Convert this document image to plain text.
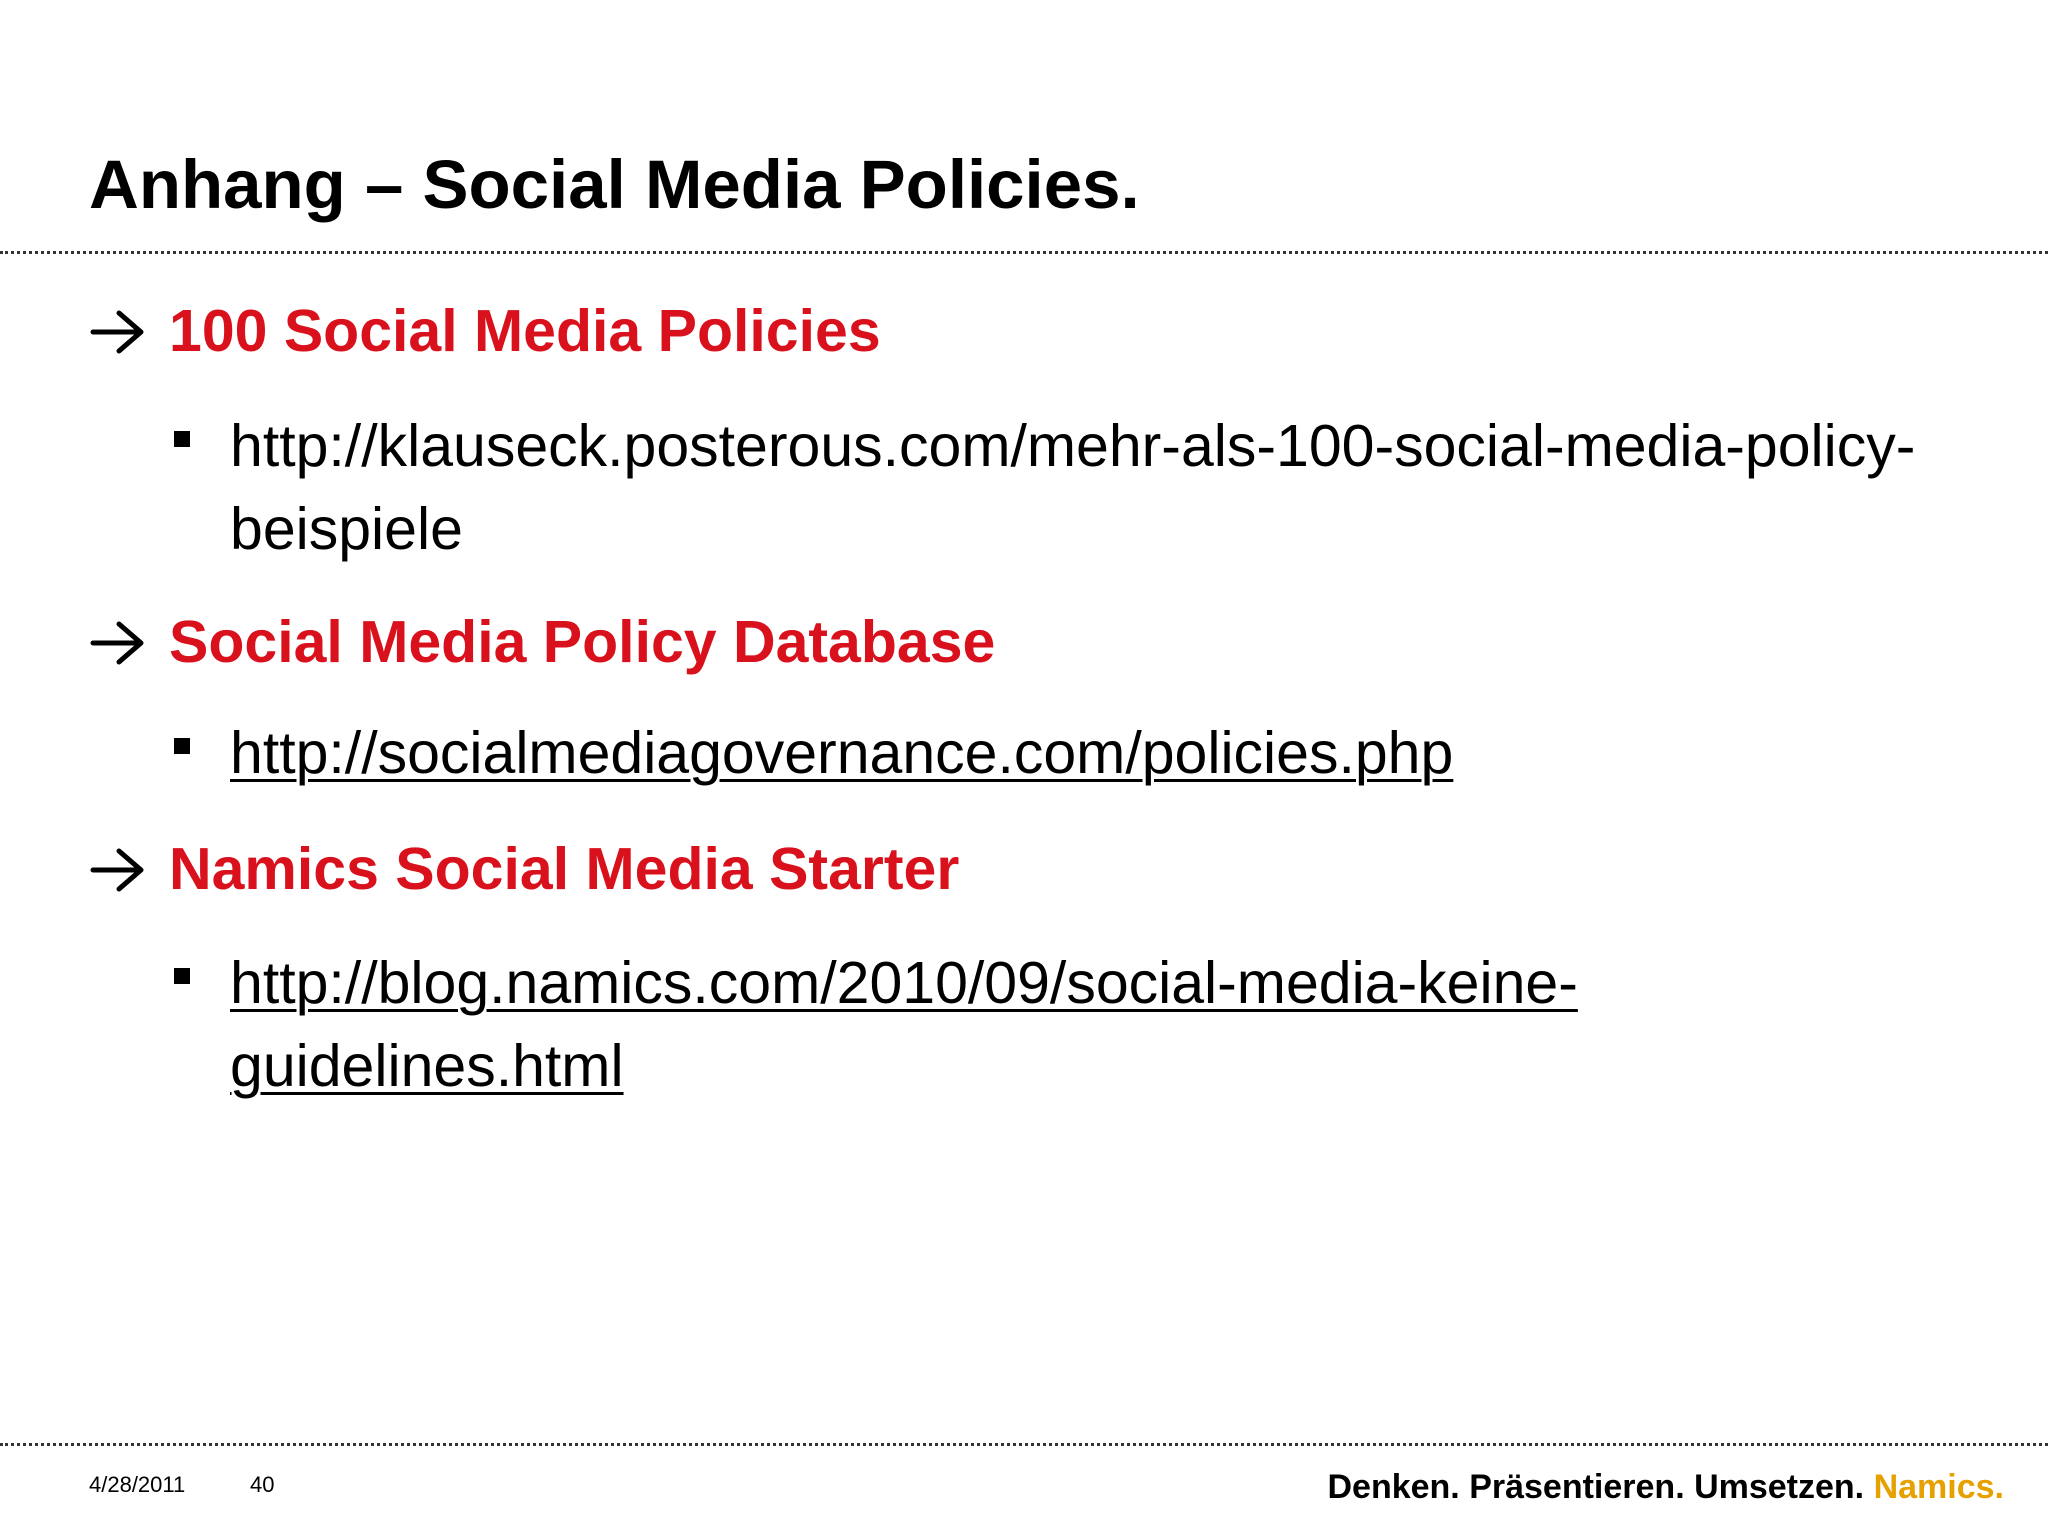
Anhang – Social Media Policies.
100 Social Media Policies
http://klauseck.posterous.com/mehr-als-100-social-media-policy-beispiele
Social Media Policy Database
http://socialmediagovernance.com/policies.php
Namics Social Media Starter
http://blog.namics.com/2010/09/social-media-keine-guidelines.html
4/28/2011	40	Denken. Präsentieren. Umsetzen. Namics.
